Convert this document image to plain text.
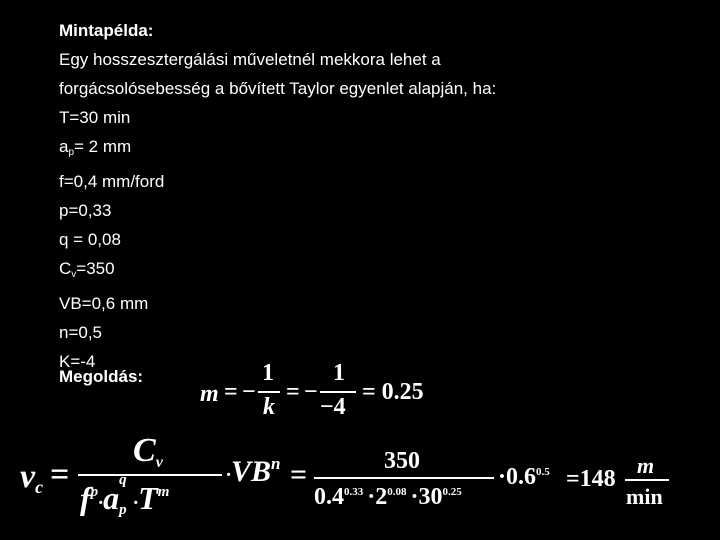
Mintapélda:
Egy hosszesztergálási műveletnél mekkora lehet a
forgácsolósebesség a bővített Taylor egyenlet alapján, ha:
T=30 min
$a_p= 2$ mm
f=0,4 mm/ford
p=0,33
q = 0,08
$C_v=350$
VB=0,6 mm
n=0,5
K=-4
Megoldás:
m = −
1
k
= −
1
−4
= 0.25
$v_c$ =
$C_v$
$f^p\cdot a$ q
$p \cdot T^m$
$\cdot VB^n$ =	350
$0.4^{0.33} \cdot 2^{0.08} \cdot 30^{0.25}$
$\cdot 0.6^{0.5} =148$
m
min
